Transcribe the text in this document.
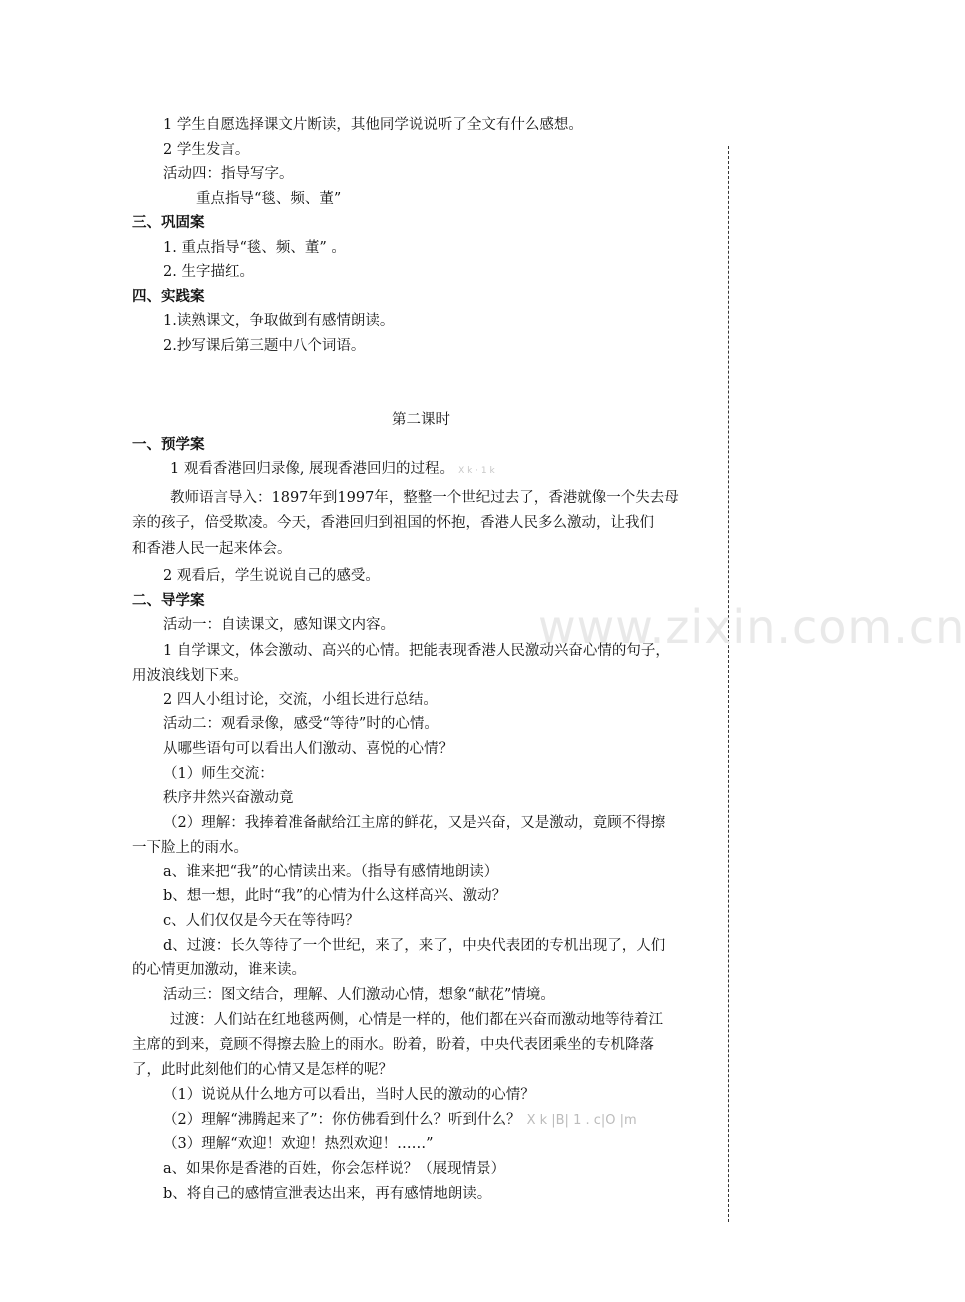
www.zixin.com.cn
1 学生自愿选择课文片断读，其他同学说说听了全文有什么感想。
2 学生发言。
活动四：指导写字。
重点指导“毯、频、董”
三、巩固案
1. 重点指导“毯、频、董” 。
2. 生字描红。
四、实践案
1.读熟课文，争取做到有感情朗读。
2.抄写课后第三题中八个词语。
第二课时
一、预学案
1 观看香港回归录像, 展现香港回归的过程。 X k · 1 k
教师语言导入：1897年到1997年，整整一个世纪过去了，香港就像一个失去母
亲的孩子，倍受欺凌。今天，香港回归到祖国的怀抱，香港人民多么激动，让我们
和香港人民一起来体会。
2 观看后，学生说说自己的感受。
二、导学案
活动一：自读课文，感知课文内容。
1 自学课文，体会激动、高兴的心情。把能表现香港人民激动兴奋心情的句子，
用波浪线划下来。
2 四人小组讨论，交流，小组长进行总结。
活动二：观看录像，感受“等待”时的心情。
从哪些语句可以看出人们激动、喜悦的心情？
（1）师生交流：
秩序井然兴奋激动竟
（2）理解：我捧着准备献给江主席的鲜花，又是兴奋，又是激动，竟顾不得擦
一下脸上的雨水。
a、谁来把“我”的心情读出来。（指导有感情地朗读）
b、想一想，此时“我”的心情为什么这样高兴、激动？
c、人们仅仅是今天在等待吗？
d、过渡：长久等待了一个世纪，来了，来了，中央代表团的专机出现了，人们
的心情更加激动，谁来读。
活动三：图文结合，理解、人们激动心情，想象“献花”情境。
过渡：人们站在红地毯两侧，心情是一样的，他们都在兴奋而激动地等待着江
主席的到来，竟顾不得擦去脸上的雨水。盼着，盼着，中央代表团乘坐的专机降落
了，此时此刻他们的心情又是怎样的呢？
（1）说说从什么地方可以看出，当时人民的激动的心情？
（2）理解“沸腾起来了”：你仿佛看到什么？听到什么？ X k |B| 1 . c|O |m
（3）理解“欢迎！欢迎！热烈欢迎！……”
a、如果你是香港的百姓，你会怎样说？（展现情景）
b、将自己的感情宣泄表达出来，再有感情地朗读。
